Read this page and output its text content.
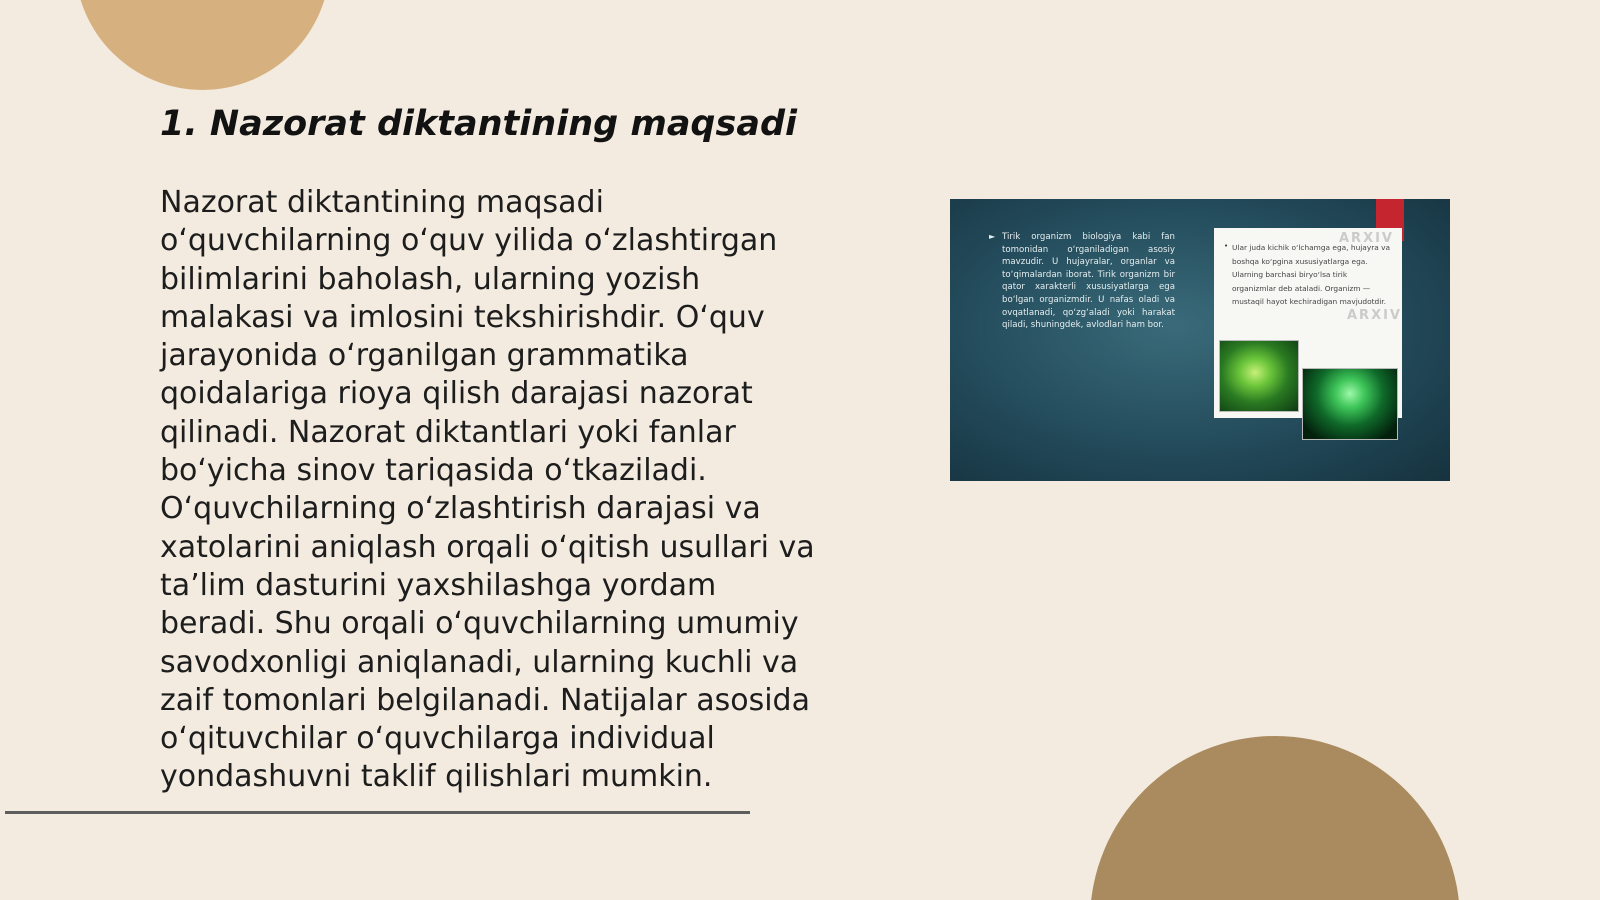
1. Nazorat diktantining maqsadi

Nazorat diktantining maqsadi o‘quvchilarning o‘quv yilida o‘zlashtirgan bilimlarini baholash, ularning yozish malakasi va imlosini tekshirishdir. O‘quv jarayonida o‘rganilgan grammatika qoidalariga rioya qilish darajasi nazorat qilinadi. Nazorat diktantlari yoki fanlar bo‘yicha sinov tariqasida o‘tkaziladi. O‘quvchilarning o‘zlashtirish darajasi va xatolarini aniqlash orqali o‘qitish usullari va ta’lim dasturini yaxshilashga yordam beradi. Shu orqali o‘quvchilarning umumiy savodxonligi aniqlanadi, ularning kuchli va zaif tomonlari belgilanadi. Natijalar asosida o‘qituvchilar o‘quvchilarga individual yondashuvni taklif qilishlari mumkin.

► Tirik organizm biologiya kabi fan tomonidan o‘rganiladigan asosiy mavzudir. U hujayralar, organlar va to‘qimalardan iborat. Tirik organizm bir qator xarakterli xususiyatlarga ega bo‘lgan organizmdir. U nafas oladi va ovqatlanadi, qo‘zg‘aladi yoki harakat qiladi, shuningdek, avlodlari ham bor.

ARXIV
ARXIV
• Ular juda kichik o‘lchamga ega, hujayra va boshqa ko‘pgina xususiyatlarga ega. Ularning barchasi biryo‘lsa tirik organizmlar deb ataladi. Organizm — mustaqil hayot kechiradigan mavjudotdir.
